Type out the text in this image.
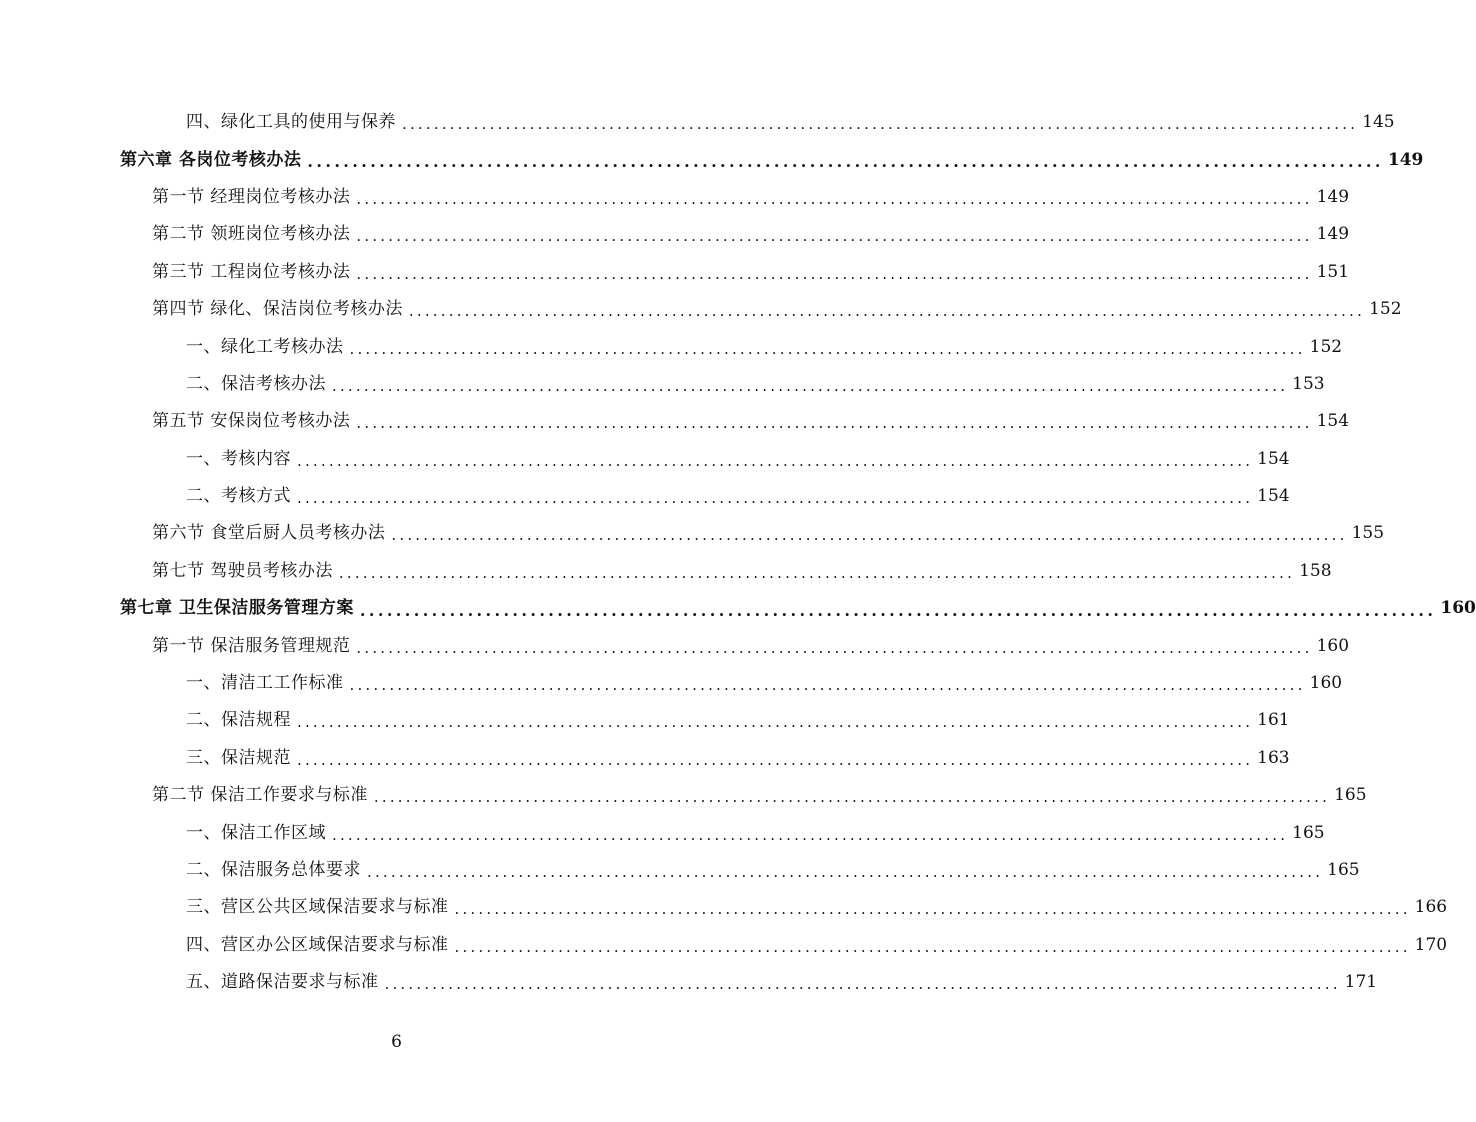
四、绿化工具的使用与保养 ........................................................................................................................ 145
第六章 各岗位考核办法 ........................................................................................................................ 149
第一节 经理岗位考核办法 ........................................................................................................................ 149
第二节 领班岗位考核办法 ........................................................................................................................ 149
第三节 工程岗位考核办法 ........................................................................................................................ 151
第四节 绿化、保洁岗位考核办法 ........................................................................................................................ 152
一、绿化工考核办法 ........................................................................................................................ 152
二、保洁考核办法 ........................................................................................................................ 153
第五节 安保岗位考核办法 ........................................................................................................................ 154
一、考核内容 ........................................................................................................................ 154
二、考核方式 ........................................................................................................................ 154
第六节 食堂后厨人员考核办法 ........................................................................................................................ 155
第七节 驾驶员考核办法 ........................................................................................................................ 158
第七章 卫生保洁服务管理方案 ........................................................................................................................ 160
第一节 保洁服务管理规范 ........................................................................................................................ 160
一、清洁工工作标准 ........................................................................................................................ 160
二、保洁规程 ........................................................................................................................ 161
三、保洁规范 ........................................................................................................................ 163
第二节 保洁工作要求与标准 ........................................................................................................................ 165
一、保洁工作区域 ........................................................................................................................ 165
二、保洁服务总体要求 ........................................................................................................................ 165
三、营区公共区域保洁要求与标准 ........................................................................................................................ 166
四、营区办公区域保洁要求与标准 ........................................................................................................................ 170
五、道路保洁要求与标准 ........................................................................................................................ 171
6
